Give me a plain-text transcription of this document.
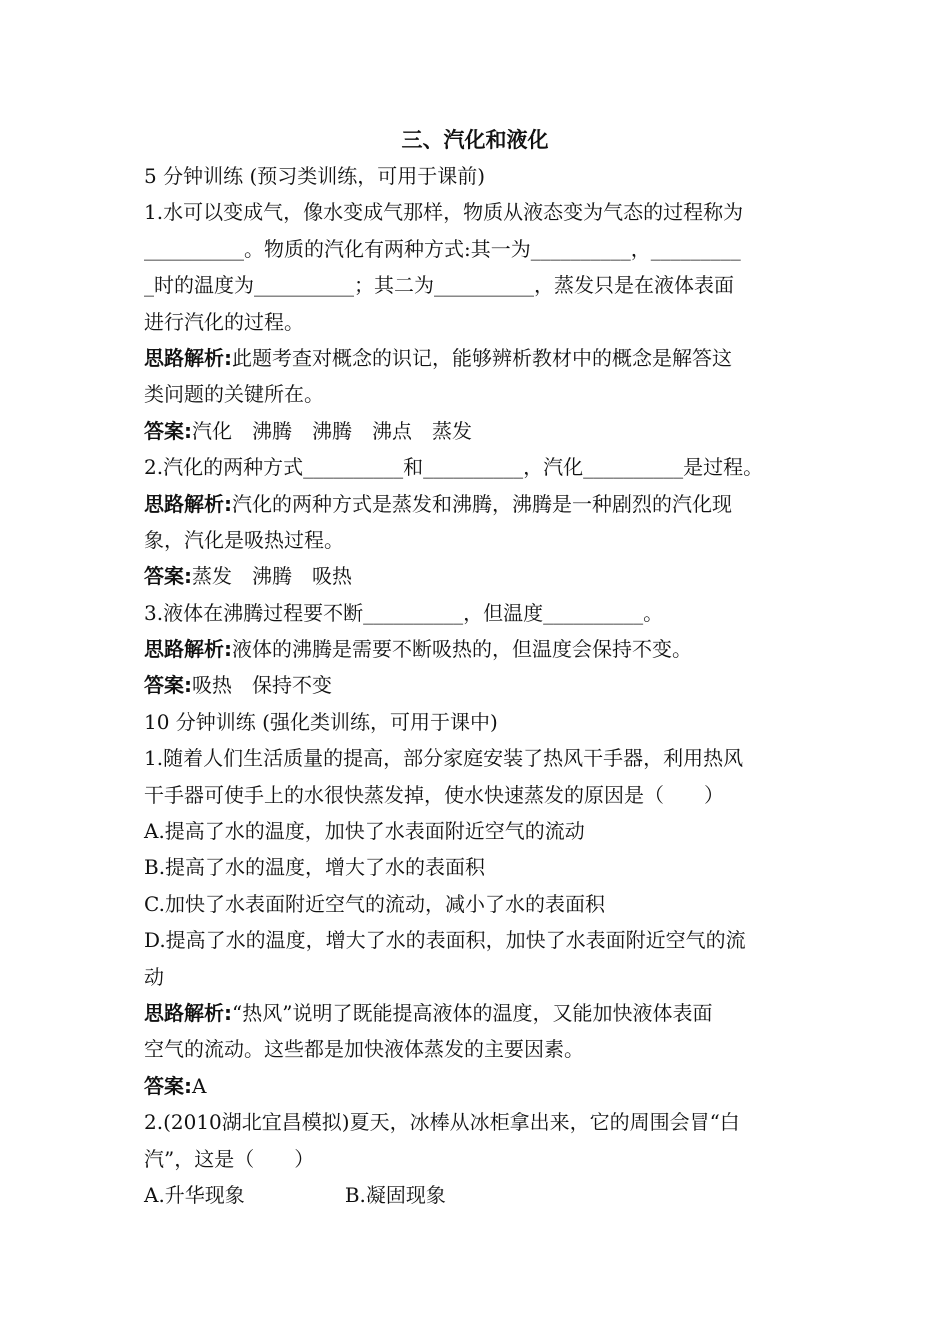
三、汽化和液化
5 分钟训练 (预习类训练，可用于课前)
1.水可以变成气，像水变成气那样，物质从液态变为气态的过程称为
__________。物质的汽化有两种方式:其一为__________，_________
_时的温度为__________；其二为__________，蒸发只是在液体表面
进行汽化的过程。
思路解析:此题考查对概念的识记，能够辨析教材中的概念是解答这
类问题的关键所在。
答案:汽化　沸腾　沸腾　沸点　蒸发
2.汽化的两种方式__________和__________，汽化__________是过程。
思路解析:汽化的两种方式是蒸发和沸腾，沸腾是一种剧烈的汽化现
象，汽化是吸热过程。
答案:蒸发　沸腾　吸热
3.液体在沸腾过程要不断__________，但温度__________。
思路解析:液体的沸腾是需要不断吸热的，但温度会保持不变。
答案:吸热　保持不变
10 分钟训练 (强化类训练，可用于课中)
1.随着人们生活质量的提高，部分家庭安装了热风干手器，利用热风
干手器可使手上的水很快蒸发掉，使水快速蒸发的原因是（　　）
A.提高了水的温度，加快了水表面附近空气的流动
B.提高了水的温度，增大了水的表面积
C.加快了水表面附近空气的流动，减小了水的表面积
D.提高了水的温度，增大了水的表面积，加快了水表面附近空气的流
动
思路解析:“热风”说明了既能提高液体的温度，又能加快液体表面
空气的流动。这些都是加快液体蒸发的主要因素。
答案:A
2.(2010湖北宜昌模拟)夏天，冰棒从冰柜拿出来，它的周围会冒“白
汽”，这是（　　）
A.升华现象	B.凝固现象
